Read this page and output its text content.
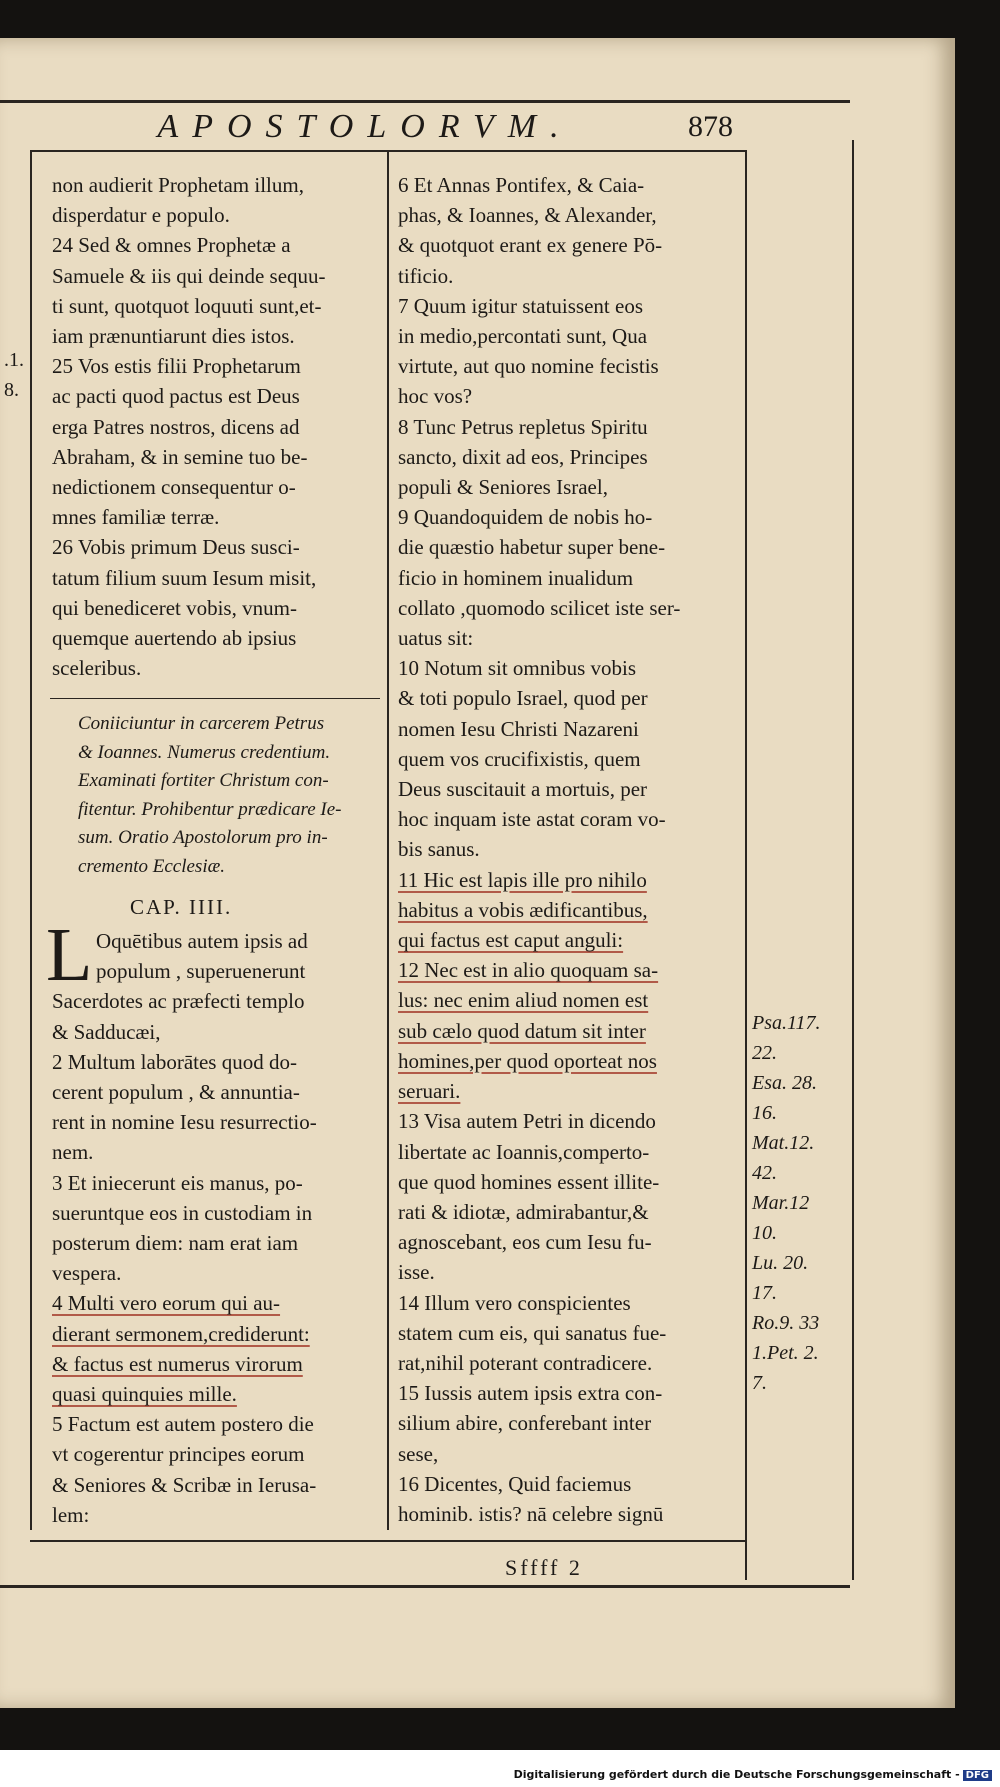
APOSTOLORVM.	878

.1.

8.

non audierit Prophetam illum,

disperdatur e populo.

24 Sed & omnes Prophetæ a

Samuele & iis qui deinde sequu-

ti sunt, quotquot loquuti sunt,et-

iam prænuntiarunt dies istos.

25 Vos estis filii Prophetarum

ac pacti quod pactus est Deus

erga Patres nostros, dicens ad

Abraham, & in semine tuo be-

nedictionem consequentur o-

mnes familiæ terræ.

26 Vobis primum Deus susci-

tatum filium suum Iesum misit,

qui benediceret vobis, vnum-

quemque auertendo ab ipsius

sceleribus.

Coniiciuntur in carcerem Petrus

& Ioannes. Numerus credentium.

Examinati fortiter Christum con-

fitentur. Prohibentur prædicare Ie-

sum. Oratio Apostolorum pro in-

cremento Ecclesiæ.

CAP. IIII.
L Oquētibus autem ipsis ad

populum , superuenerunt

Sacerdotes ac præfecti templo

& Sadducæi,

2 Multum laborātes quod do-

cerent populum , & annuntia-

rent in nomine Iesu resurrectio-

nem.

3 Et iniecerunt eis manus, po-

sueruntque eos in custodiam in

posterum diem: nam erat iam

vespera.

4 Multi vero eorum qui au-

dierant sermonem,crediderunt:

& factus est numerus virorum

quasi quinquies mille.

5 Factum est autem postero die

vt cogerentur principes eorum

& Seniores & Scribæ in Ierusa-

lem:

6 Et Annas Pontifex, & Caia-

phas, & Ioannes, & Alexander,

& quotquot erant ex genere Pō-

tificio.

7 Quum igitur statuissent eos

in medio,percontati sunt, Qua

virtute, aut quo nomine fecistis

hoc vos?

8 Tunc Petrus repletus Spiritu

sancto, dixit ad eos, Principes

populi & Seniores Israel,

9 Quandoquidem de nobis ho-

die quæstio habetur super bene-

ficio in hominem inualidum

collato ,quomodo scilicet iste ser-

uatus sit:

10 Notum sit omnibus vobis

& toti populo Israel, quod per

nomen Iesu Christi Nazareni

quem vos crucifixistis, quem

Deus suscitauit a mortuis, per

hoc inquam iste astat coram vo-

bis sanus.

11 Hic est lapis ille pro nihilo

habitus a vobis ædificantibus,

qui factus est caput anguli:

12 Nec est in alio quoquam sa-

lus: nec enim aliud nomen est

sub cælo quod datum sit inter

homines,per quod oporteat nos

seruari.

13 Visa autem Petri in dicendo

libertate ac Ioannis,comperto-

que quod homines essent illite-

rati & idiotæ, admirabantur,&

agnoscebant, eos cum Iesu fu-

isse.

14 Illum vero conspicientes

statem cum eis, qui sanatus fue-

rat,nihil poterant contradicere.

15 Iussis autem ipsis extra con-

silium abire, conferebant inter

sese,

16 Dicentes, Quid faciemus

hominib. istis? nā celebre signū

Psa.117.

22.

Esa. 28.

16.

Mat.12.

42.

Mar.12

10.

Lu. 20.

17.

Ro.9. 33

1.Pet. 2.

7.

Sffff 2
Digitalisierung gefördert durch die Deutsche Forschungsgemeinschaft - DFG
